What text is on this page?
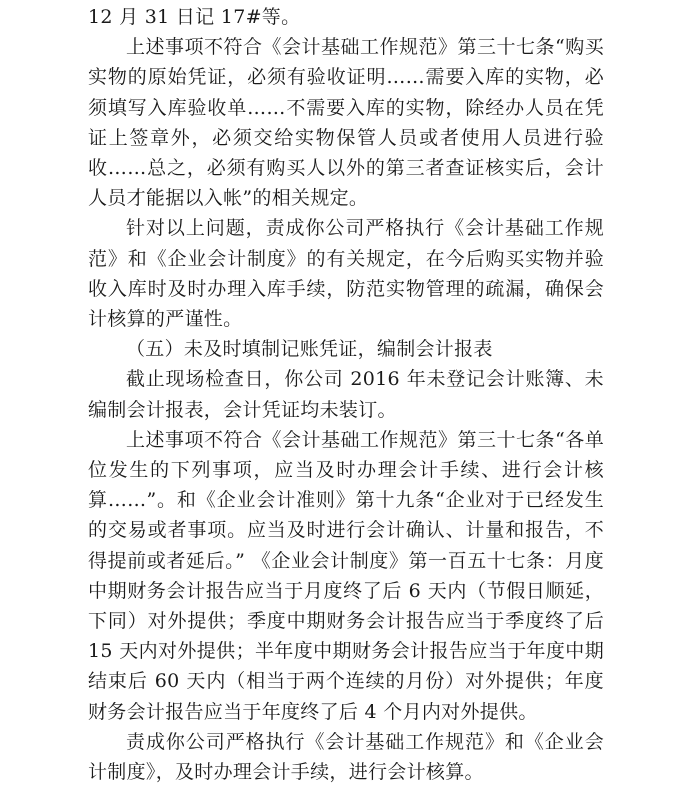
12 月 31 日记 17#等。

上述事项不符合《会计基础工作规范》第三十七条“购买实物的原始凭证，必须有验收证明……需要入库的实物，必须填写入库验收单……不需要入库的实物，除经办人员在凭证上签章外，必须交给实物保管人员或者使用人员进行验收……总之，必须有购买人以外的第三者查证核实后，会计人员才能据以入帐”的相关规定。

针对以上问题，责成你公司严格执行《会计基础工作规范》和《企业会计制度》的有关规定，在今后购买实物并验收入库时及时办理入库手续，防范实物管理的疏漏，确保会计核算的严谨性。

（五）未及时填制记账凭证，编制会计报表

截止现场检查日，你公司 2016 年未登记会计账簿、未编制会计报表，会计凭证均未装订。

上述事项不符合《会计基础工作规范》第三十七条“各单位发生的下列事项，应当及时办理会计手续、进行会计核算……”。和《企业会计准则》第十九条“企业对于已经发生的交易或者事项。应当及时进行会计确认、计量和报告，不得提前或者延后。” 《企业会计制度》第一百五十七条：月度中期财务会计报告应当于月度终了后 6 天内（节假日顺延，下同）对外提供；季度中期财务会计报告应当于季度终了后 15 天内对外提供；半年度中期财务会计报告应当于年度中期结束后 60 天内（相当于两个连续的月份）对外提供；年度财务会计报告应当于年度终了后 4 个月内对外提供。

责成你公司严格执行《会计基础工作规范》和《企业会计制度》，及时办理会计手续，进行会计核算。
